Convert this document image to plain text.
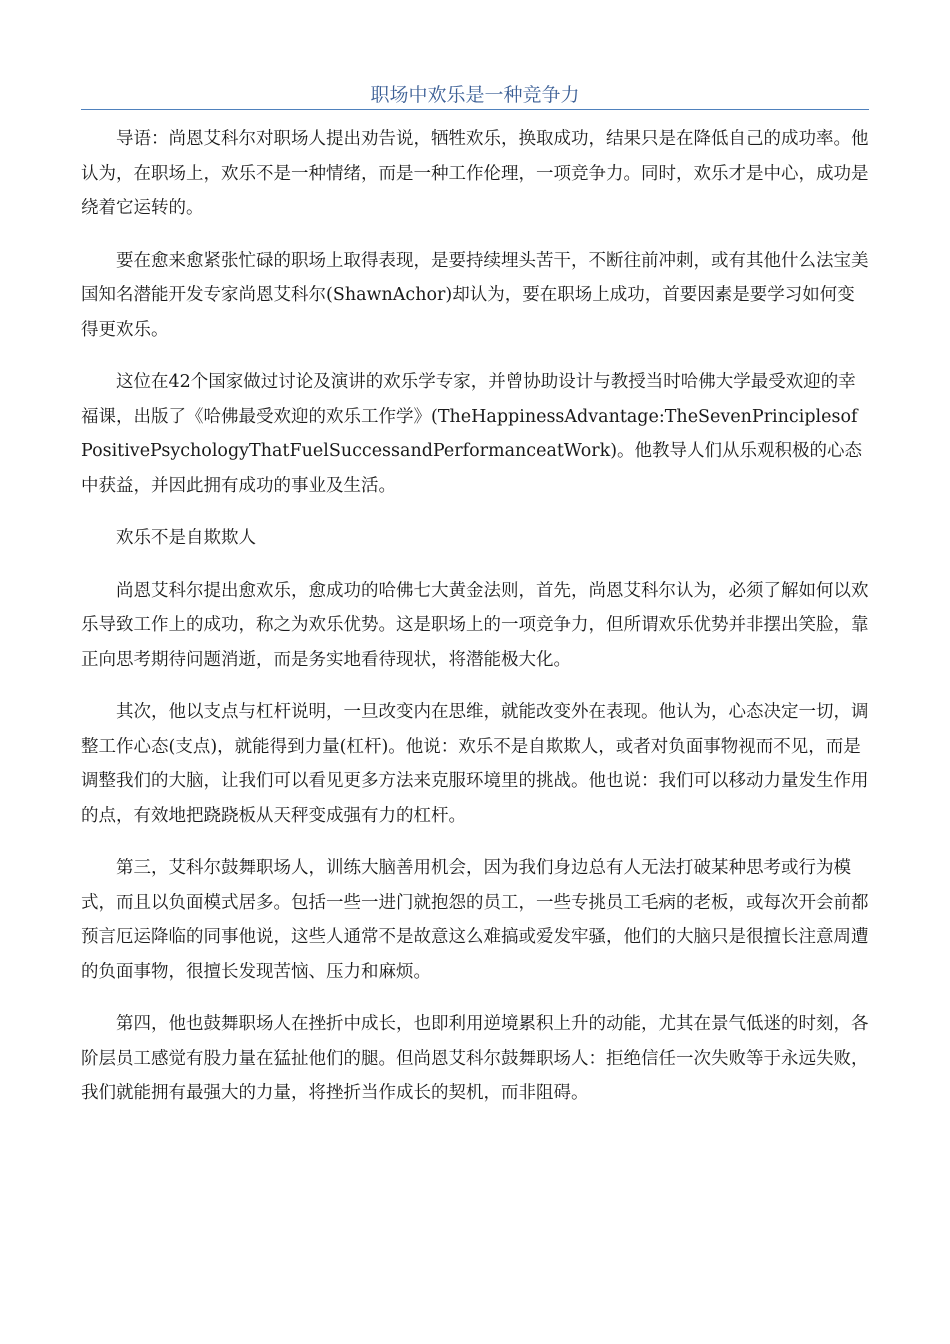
职场中欢乐是一种竞争力

导语：尚恩艾科尔对职场人提出劝告说，牺牲欢乐，换取成功，结果只是在降低自己的成功率。他认为，在职场上，欢乐不是一种情绪，而是一种工作伦理，一项竞争力。同时，欢乐才是中心，成功是绕着它运转的。

要在愈来愈紧张忙碌的职场上取得表现，是要持续埋头苦干，不断往前冲刺，或有其他什么法宝美国知名潜能开发专家尚恩艾科尔(ShawnAchor)却认为，要在职场上成功，首要因素是要学习如何变得更欢乐。

这位在42个国家做过讨论及演讲的欢乐学专家，并曾协助设计与教授当时哈佛大学最受欢迎的幸福课，出版了《哈佛最受欢迎的欢乐工作学》(TheHappinessAdvantage:TheSevenPrinciplesofPositivePsychologyThatFuelSuccessandPerformanceatWork)。他教导人们从乐观积极的心态中获益，并因此拥有成功的事业及生活。

欢乐不是自欺欺人

尚恩艾科尔提出愈欢乐，愈成功的哈佛七大黄金法则，首先，尚恩艾科尔认为，必须了解如何以欢乐导致工作上的成功，称之为欢乐优势。这是职场上的一项竞争力，但所谓欢乐优势并非摆出笑脸，靠正向思考期待问题消逝，而是务实地看待现状，将潜能极大化。

其次，他以支点与杠杆说明，一旦改变内在思维，就能改变外在表现。他认为，心态决定一切，调整工作心态(支点)，就能得到力量(杠杆)。他说：欢乐不是自欺欺人，或者对负面事物视而不见，而是调整我们的大脑，让我们可以看见更多方法来克服环境里的挑战。他也说：我们可以移动力量发生作用的点，有效地把跷跷板从天秤变成强有力的杠杆。

第三，艾科尔鼓舞职场人，训练大脑善用机会，因为我们身边总有人无法打破某种思考或行为模式，而且以负面模式居多。包括一些一进门就抱怨的员工，一些专挑员工毛病的老板，或每次开会前都预言厄运降临的同事他说，这些人通常不是故意这么难搞或爱发牢骚，他们的大脑只是很擅长注意周遭的负面事物，很擅长发现苦恼、压力和麻烦。

第四，他也鼓舞职场人在挫折中成长，也即利用逆境累积上升的动能，尤其在景气低迷的时刻，各阶层员工感觉有股力量在猛扯他们的腿。但尚恩艾科尔鼓舞职场人：拒绝信任一次失败等于永远失败，我们就能拥有最强大的力量，将挫折当作成长的契机，而非阻碍。
